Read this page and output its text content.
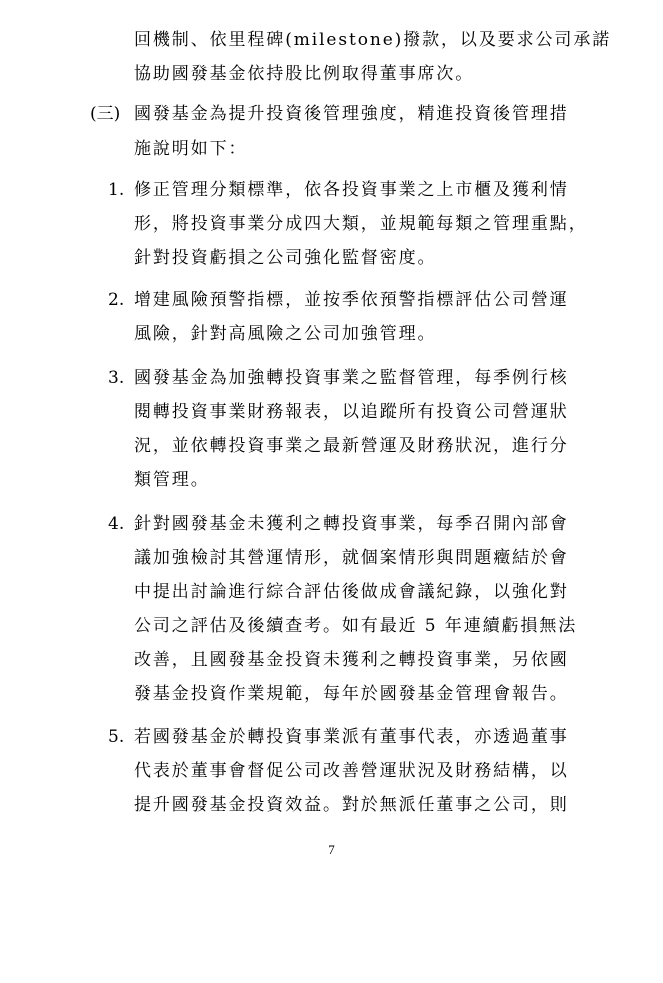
回機制、依里程碑(milestone)撥款，以及要求公司承諾
協助國發基金依持股比例取得董事席次。
(三) 國發基金為提升投資後管理強度，精進投資後管理措
施說明如下：
1. 修正管理分類標準，依各投資事業之上市櫃及獲利情
形，將投資事業分成四大類，並規範每類之管理重點，
針對投資虧損之公司強化監督密度。
2. 增建風險預警指標，並按季依預警指標評估公司營運
風險，針對高風險之公司加強管理。
3. 國發基金為加強轉投資事業之監督管理，每季例行核
閱轉投資事業財務報表，以追蹤所有投資公司營運狀
況，並依轉投資事業之最新營運及財務狀況，進行分
類管理。
4. 針對國發基金未獲利之轉投資事業，每季召開內部會
議加強檢討其營運情形，就個案情形與問題癥結於會
中提出討論進行綜合評估後做成會議紀錄，以強化對
公司之評估及後續查考。如有最近 5 年連續虧損無法
改善，且國發基金投資未獲利之轉投資事業，另依國
發基金投資作業規範，每年於國發基金管理會報告。
5. 若國發基金於轉投資事業派有董事代表，亦透過董事
代表於董事會督促公司改善營運狀況及財務結構，以
提升國發基金投資效益。對於無派任董事之公司，則
7
